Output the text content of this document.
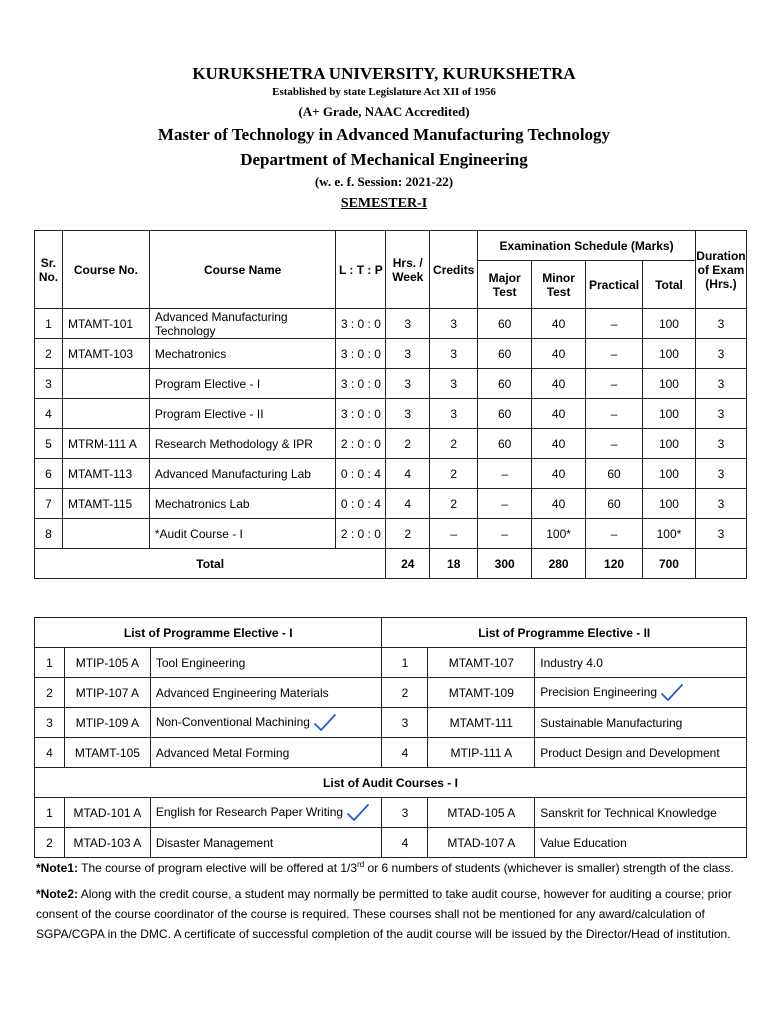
KURUKSHETRA UNIVERSITY, KURUKSHETRA
Established by state Legislature Act XII of 1956
(A+ Grade, NAAC Accredited)
Master of Technology in Advanced Manufacturing Technology
Department of Mechanical Engineering
(w. e. f. Session: 2021-22)
SEMESTER-I
Sr. No.	Course No.	Course Name	L : T : P	Hrs. / Week	Credits	Examination Schedule (Marks)				Duration of Exam (Hrs.)
						Major Test	Minor Test	Practical	Total	
1	MTAMT-101	Advanced Manufacturing Technology	3 : 0 : 0	3	3	60	40	–	100	3
2	MTAMT-103	Mechatronics	3 : 0 : 0	3	3	60	40	–	100	3
3		Program Elective - I	3 : 0 : 0	3	3	60	40	–	100	3
4		Program Elective - II	3 : 0 : 0	3	3	60	40	–	100	3
5	MTRM-111 A	Research Methodology & IPR	2 : 0 : 0	2	2	60	40	–	100	3
6	MTAMT-113	Advanced Manufacturing Lab	0 : 0 : 4	4	2	–	40	60	100	3
7	MTAMT-115	Mechatronics Lab	0 : 0 : 4	4	2	–	40	60	100	3
8		*Audit Course - I	2 : 0 : 0	2	–	–	100*	–	100*	3
Total				24	18	300	280	120	700	
List of Programme Elective - I			List of Programme Elective - II		
1	MTIP-105 A	Tool Engineering	1	MTAMT-107	Industry 4.0
2	MTIP-107 A	Advanced Engineering Materials	2	MTAMT-109	Precision Engineering
3	MTIP-109 A	Non-Conventional Machining	3	MTAMT-111	Sustainable Manufacturing
4	MTAMT-105	Advanced Metal Forming	4	MTIP-111 A	Product Design and Development
List of Audit Courses - I					
1	MTAD-101 A	English for Research Paper Writing	3	MTAD-105 A	Sanskrit for Technical Knowledge
2	MTAD-103 A	Disaster Management	4	MTAD-107 A	Value Education
*Note1: The course of program elective will be offered at 1/3rd or 6 numbers of students (whichever is smaller) strength of the class.
*Note2: Along with the credit course, a student may normally be permitted to take audit course, however for auditing a course; prior consent of the course coordinator of the course is required. These courses shall not be mentioned for any award/calculation of SGPA/CGPA in the DMC. A certificate of successful completion of the audit course will be issued by the Director/Head of institution.
